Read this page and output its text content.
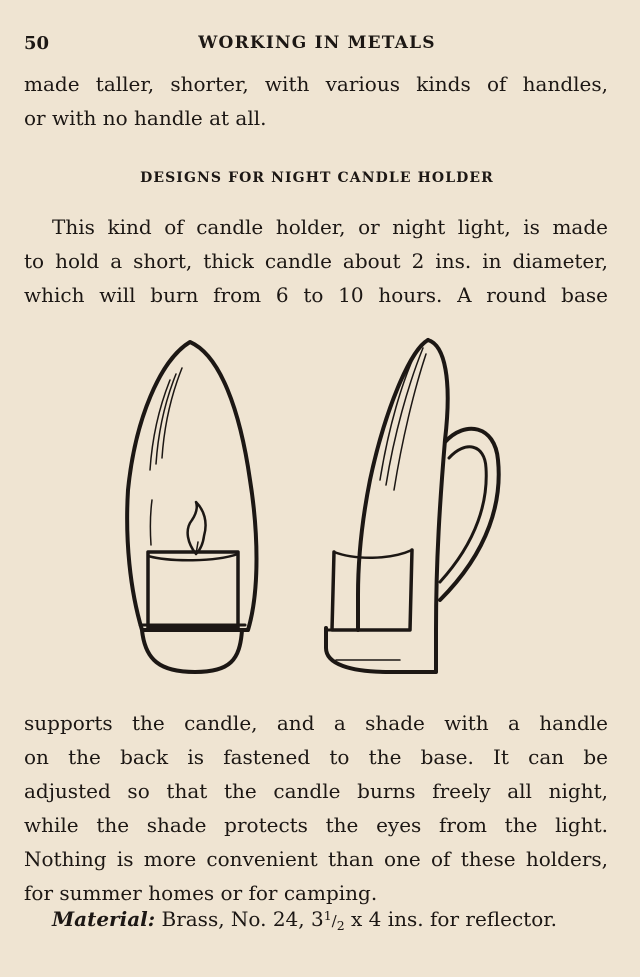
50	WORKING IN METALS

made taller, shorter, with various kinds of handles,
or with no handle at all.

DESIGNS FOR NIGHT CANDLE HOLDER

This kind of candle holder, or night light, is made
to hold a short, thick candle about 2 ins. in diameter,
which will burn from 6 to 10 hours. A round base

supports the candle, and a shade with a handle
on the back is fastened to the base. It can be
adjusted so that the candle burns freely all night,
while the shade protects the eyes from the light.
Nothing is more convenient than one of these holders,
for summer homes or for camping.

Material: Brass, No. 24, $3^1/_2$ x 4 ins. for reflector.
